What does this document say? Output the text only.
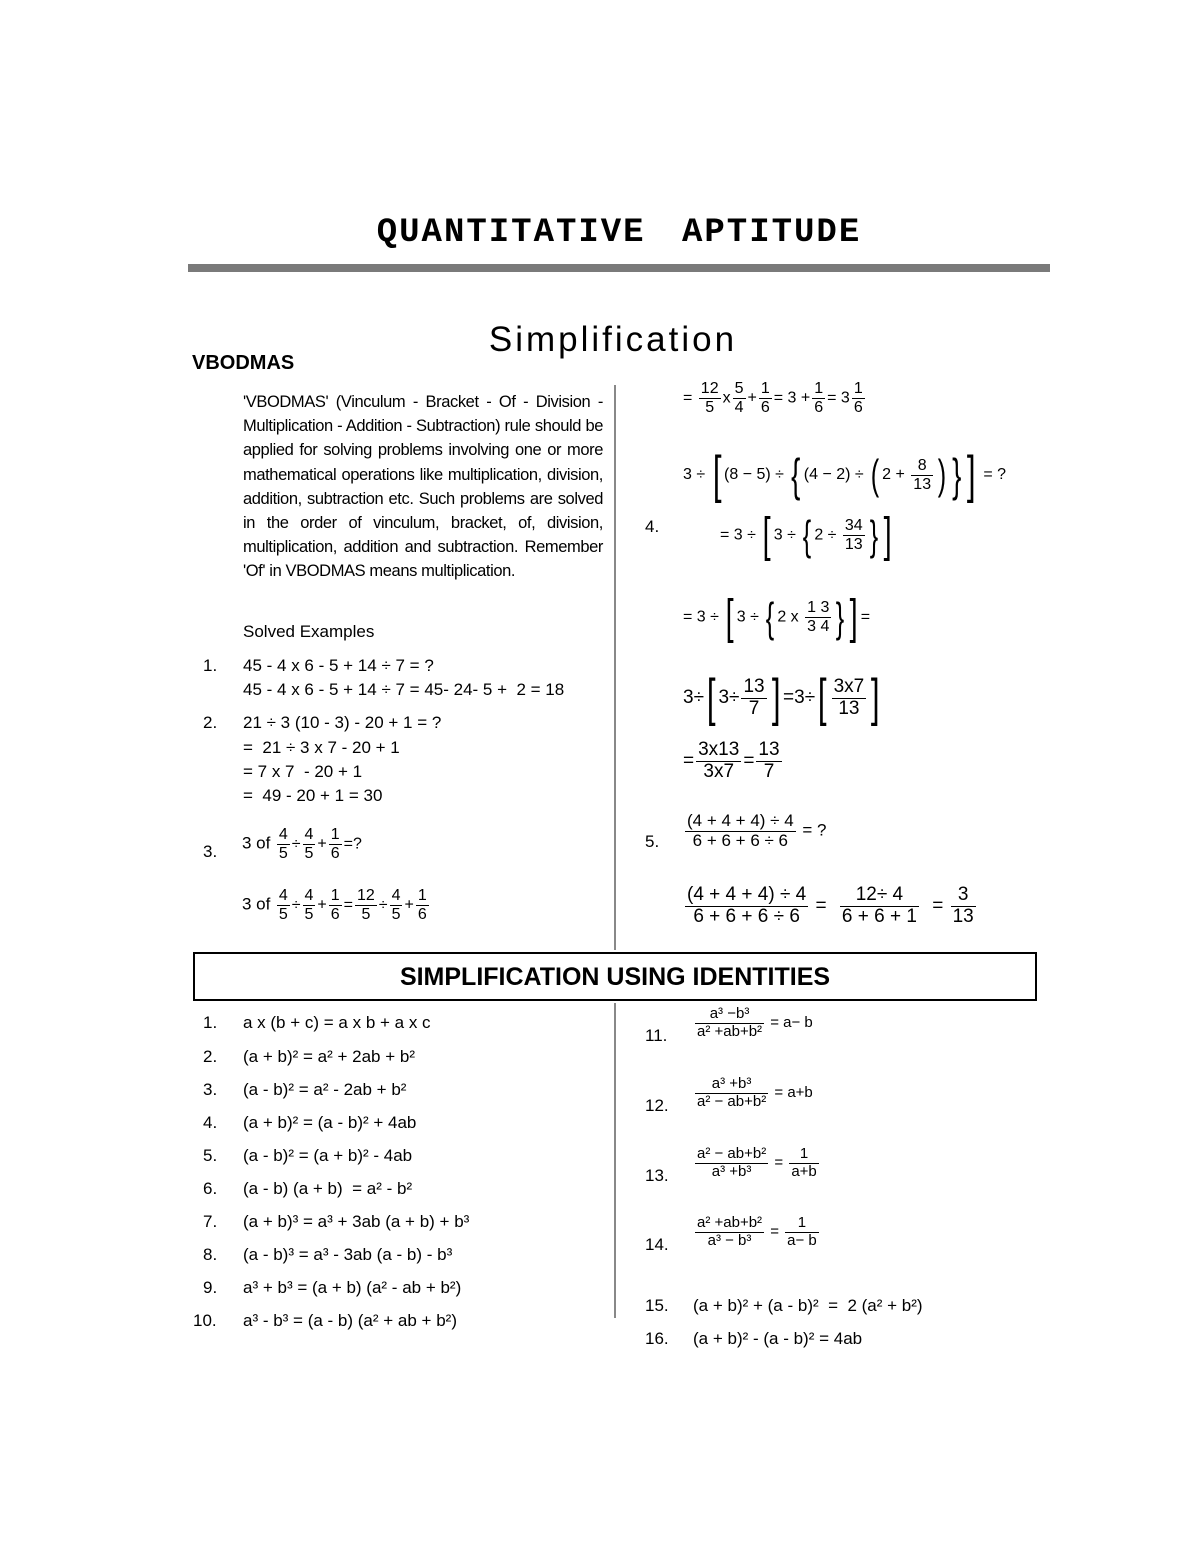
QUANTITATIVE APTITUDE
Simplification
VBODMAS
'VBODMAS' (Vinculum - Bracket - Of - Division - Multiplication - Addition - Subtraction) rule should be applied for solving problems involving one or more mathematical operations like multiplication, division, addition, subtraction etc. Such problems are solved in the order of vinculum, bracket, of, division, multiplication, addition and subtraction. Remember 'Of' in VBODMAS means multiplication.
Solved Examples
1. 45 - 4 x 6 - 5 + 14 ÷ 7 = ?
45 - 4 x 6 - 5 + 14 ÷ 7 = 45- 24- 5 +  2 = 18
2. 21 ÷ 3 (10 - 3) - 20 + 1 = ?
=  21 ÷ 3 x 7 - 20 + 1
= 7 x 7  - 20 + 1
=  49 - 20 + 1 = 30
3. 3 of $\frac{4}{5} \div \frac{4}{5} + \frac{1}{6}$ =?
3 of $\frac{4}{5} \div \frac{4}{5} + \frac{1}{6} = \frac{12}{5} \div \frac{4}{5} + \frac{1}{6}$
= $\frac{12}{5}$ x $\frac{5}{4} + \frac{1}{6} = 3 + \frac{1}{6} = 3 \frac{1}{6}$
3 ÷ [ (8 − 5) ÷ { (4 − 2) ÷ ( $2 + \frac{8}{13}$ ) } ] = ?
4.	= 3 ÷ [ 3 ÷ { $2 \div \frac{34}{13}$ } ]
= 3 ÷ [ 3 ÷ { 2 x $\frac{1 3}{3 4}$ } ] =
3÷[ $3\div \frac{13}{7}$ ] $=3\div[ \frac{3x7}{13}$ ]
= $\frac{3x13}{3x7} = \frac{13}{7}$
5. $\frac{(4 + 4 + 4) \div 4}{6 + 6 + 6 \div 6}$ = ?
$\frac{(4 + 4 + 4) \div 4}{6 + 6 + 6 \div 6} = \frac{12\div 4}{6 + 6 + 1} = \frac{3}{13}$
SIMPLIFICATION USING IDENTITIES
1. a x (b + c) = a x b + a x c
2. (a + b)² = a² + 2ab + b²
3. (a - b)² = a² - 2ab + b²
4. (a + b)² = (a - b)² + 4ab
5. (a - b)² = (a + b)² - 4ab
6. (a - b) (a + b)  = a² - b²
7. (a + b)³ = a³ + 3ab (a + b) + b³
8. (a - b)³ = a³ - 3ab (a - b) - b³
9. a³ + b³ = (a + b) (a² - ab + b²)
10. a³ - b³ = (a - b) (a² + ab + b²)
11. $\frac{\text{a³ −b³}}{\text{a² +ab+b²}} = a- b$
12. $\frac{\text{a³ +b³}}{\text{a² − ab+b²}} = a+b$
13. $\frac{\text{a² − ab+b²}}{\text{a³ +b³}} = \frac{1}{a+b}$
14. $\frac{\text{a² +ab+b²}}{\text{a³ − b³}} = \frac{1}{a- b}$
15. (a + b)² + (a - b)²  =  2 (a² + b²)
16. (a + b)² - (a - b)² = 4ab
